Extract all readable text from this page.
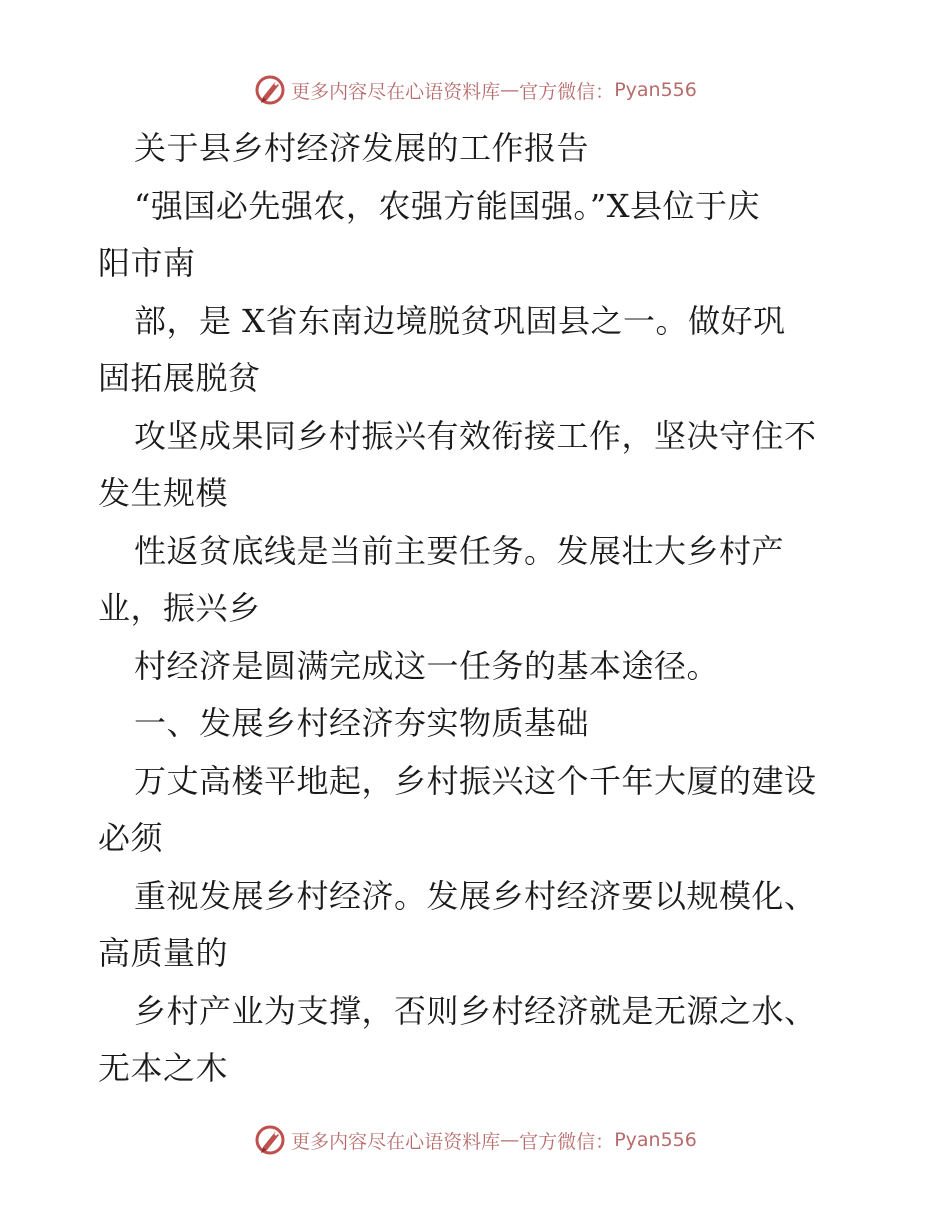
更多内容尽在心语资料库 — 官方微信： Pyan556
关于县乡村经济发展的工作报告
“强国必先强农，农强方能国强。”X县位于庆
阳市南
部，是 X省东南边境脱贫巩固县之一。做好巩
固拓展脱贫
攻坚成果同乡村振兴有效衔接工作，坚决守住不
发生规模
性返贫底线是当前主要任务。发展壮大乡村产
业，振兴乡
村经济是圆满完成这一任务的基本途径。
一、发展乡村经济夯实物质基础
万丈高楼平地起，乡村振兴这个千年大厦的建设
必须
重视发展乡村经济。发展乡村经济要以规模化、
高质量的
乡村产业为支撑，否则乡村经济就是无源之水、
无本之木
更多内容尽在心语资料库 — 官方微信： Pyan556
